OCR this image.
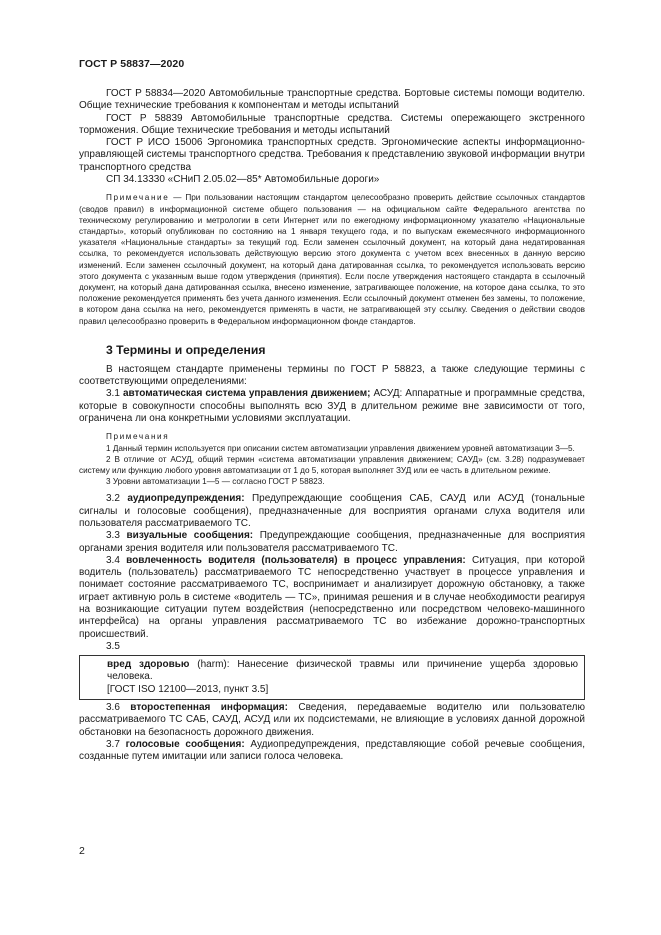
ГОСТ Р 58837—2020

ГОСТ Р 58834—2020 Автомобильные транспортные средства. Бортовые системы помощи водителю. Общие технические требования к компонентам и методы испытаний

ГОСТ Р 58839 Автомобильные транспортные средства. Системы опережающего экстренного торможения. Общие технические требования и методы испытаний

ГОСТ Р ИСО 15006 Эргономика транспортных средств. Эргономические аспекты информационно-управляющей системы транспортного средства. Требования к представлению звуковой информации внутри транспортного средства

СП 34.13330 «СНиП 2.05.02—85* Автомобильные дороги»

Примечание — При пользовании настоящим стандартом целесообразно проверить действие ссылочных стандартов (сводов правил) в информационной системе общего пользования — на официальном сайте Федерального агентства по техническому регулированию и метрологии в сети Интернет или по ежегодному информационному указателю «Национальные стандарты», который опубликован по состоянию на 1 января текущего года, и по выпускам ежемесячного информационного указателя «Национальные стандарты» за текущий год. Если заменен ссылочный документ, на который дана недатированная ссылка, то рекомендуется использовать действующую версию этого документа с учетом всех внесенных в данную версию изменений. Если заменен ссылочный документ, на который дана датированная ссылка, то рекомендуется использовать версию этого документа с указанным выше годом утверждения (принятия). Если после утверждения настоящего стандарта в ссылочный документ, на который дана датированная ссылка, внесено изменение, затрагивающее положение, на которое дана ссылка, то это положение рекомендуется применять без учета данного изменения. Если ссылочный документ отменен без замены, то положение, в котором дана ссылка на него, рекомендуется применять в части, не затрагивающей эту ссылку. Сведения о действии сводов правил целесообразно проверить в Федеральном информационном фонде стандартов.

3 Термины и определения

В настоящем стандарте применены термины по ГОСТ Р 58823, а также следующие термины с соответствующими определениями:

3.1 автоматическая система управления движением; АСУД: Аппаратные и программные средства, которые в совокупности способны выполнять всю ЗУД в длительном режиме вне зависимости от того, ограничена ли она конкретными условиями эксплуатации.

Примечания

1 Данный термин используется при описании систем автоматизации управления движением уровней автоматизации 3—5.

2 В отличие от АСУД, общий термин «система автоматизации управления движением; САУД» (см. 3.28) подразумевает систему или функцию любого уровня автоматизации от 1 до 5, которая выполняет ЗУД или ее часть в длительном режиме.

3 Уровни автоматизации 1—5 — согласно ГОСТ Р 58823.

3.2 аудиопредупреждения: Предупреждающие сообщения САБ, САУД или АСУД (тональные сигналы и голосовые сообщения), предназначенные для восприятия органами слуха водителя или пользователя рассматриваемого ТС.

3.3 визуальные сообщения: Предупреждающие сообщения, предназначенные для восприятия органами зрения водителя или пользователя рассматриваемого ТС.

3.4 вовлеченность водителя (пользователя) в процесс управления: Ситуация, при которой водитель (пользователь) рассматриваемого ТС непосредственно участвует в процессе управления и понимает состояние рассматриваемого ТС, воспринимает и анализирует дорожную обстановку, а также играет активную роль в системе «водитель — ТС», принимая решения и в случае необходимости реагируя на возникающие ситуации путем воздействия (непосредственно или посредством человеко-машинного интерфейса) на органы управления рассматриваемого ТС во избежание дорожно-транспортных происшествий.

3.5

вред здоровью (harm): Нанесение физической травмы или причинение ущерба здоровью человека.

[ГОСТ ISO 12100—2013, пункт 3.5]

3.6 второстепенная информация: Сведения, передаваемые водителю или пользователю рассматриваемого ТС САБ, САУД, АСУД или их подсистемами, не влияющие в условиях данной дорожной обстановки на безопасность дорожного движения.

3.7 голосовые сообщения: Аудиопредупреждения, представляющие собой речевые сообщения, созданные путем имитации или записи голоса человека.

2
